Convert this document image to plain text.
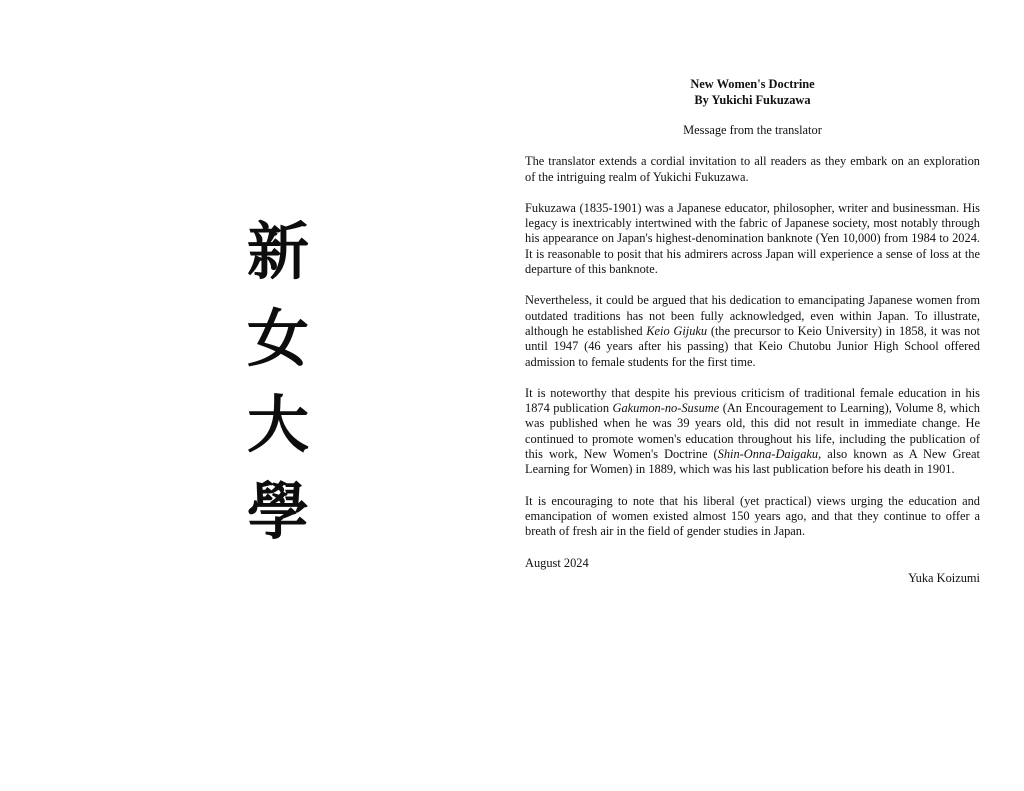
新
女
大
學
New Women's Doctrine
By Yukichi Fukuzawa
Message from the translator

The translator extends a cordial invitation to all readers as they embark on an exploration of the intriguing realm of Yukichi Fukuzawa.

Fukuzawa (1835-1901) was a Japanese educator, philosopher, writer and businessman. His legacy is inextricably intertwined with the fabric of Japanese society, most notably through his appearance on Japan's highest-denomination banknote (Yen 10,000) from 1984 to 2024. It is reasonable to posit that his admirers across Japan will experience a sense of loss at the departure of this banknote.

Nevertheless, it could be argued that his dedication to emancipating Japanese women from outdated traditions has not been fully acknowledged, even within Japan. To illustrate, although he established Keio Gijuku (the precursor to Keio University) in 1858, it was not until 1947 (46 years after his passing) that Keio Chutobu Junior High School offered admission to female students for the first time.

It is noteworthy that despite his previous criticism of traditional female education in his 1874 publication Gakumon-no-Susume (An Encouragement to Learning), Volume 8, which was published when he was 39 years old, this did not result in immediate change. He continued to promote women's education throughout his life, including the publication of this work, New Women's Doctrine (Shin-Onna-Daigaku, also known as A New Great Learning for Women) in 1889, which was his last publication before his death in 1901.

It is encouraging to note that his liberal (yet practical) views urging the education and emancipation of women existed almost 150 years ago, and that they continue to offer a breath of fresh air in the field of gender studies in Japan.

August 2024
Yuka Koizumi
